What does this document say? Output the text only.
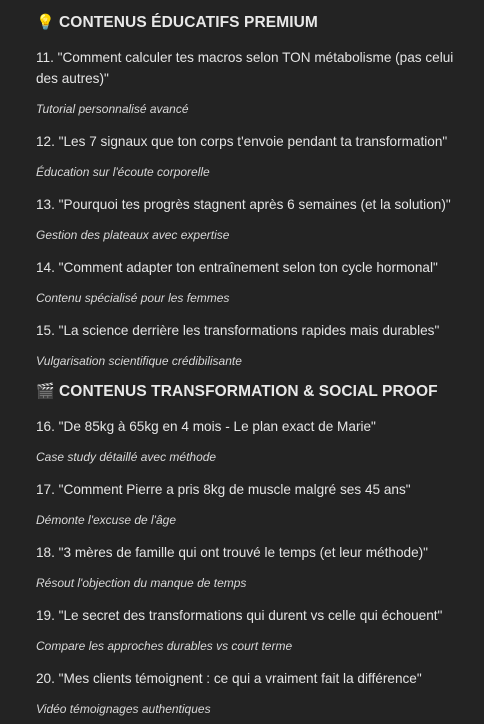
💡 CONTENUS ÉDUCATIFS PREMIUM
11. "Comment calculer tes macros selon TON métabolisme (pas celui des autres)"
Tutorial personnalisé avancé
12. "Les 7 signaux que ton corps t'envoie pendant ta transformation"
Éducation sur l'écoute corporelle
13. "Pourquoi tes progrès stagnent après 6 semaines (et la solution)"
Gestion des plateaux avec expertise
14. "Comment adapter ton entraînement selon ton cycle hormonal"
Contenu spécialisé pour les femmes
15. "La science derrière les transformations rapides mais durables"
Vulgarisation scientifique crédibilisante
🎬 CONTENUS TRANSFORMATION & SOCIAL PROOF
16. "De 85kg à 65kg en 4 mois - Le plan exact de Marie"
Case study détaillé avec méthode
17. "Comment Pierre a pris 8kg de muscle malgré ses 45 ans"
Démonte l'excuse de l'âge
18. "3 mères de famille qui ont trouvé le temps (et leur méthode)"
Résout l'objection du manque de temps
19. "Le secret des transformations qui durent vs celle qui échouent"
Compare les approches durables vs court terme
20. "Mes clients témoignent : ce qui a vraiment fait la différence"
Vidéo témoignages authentiques
